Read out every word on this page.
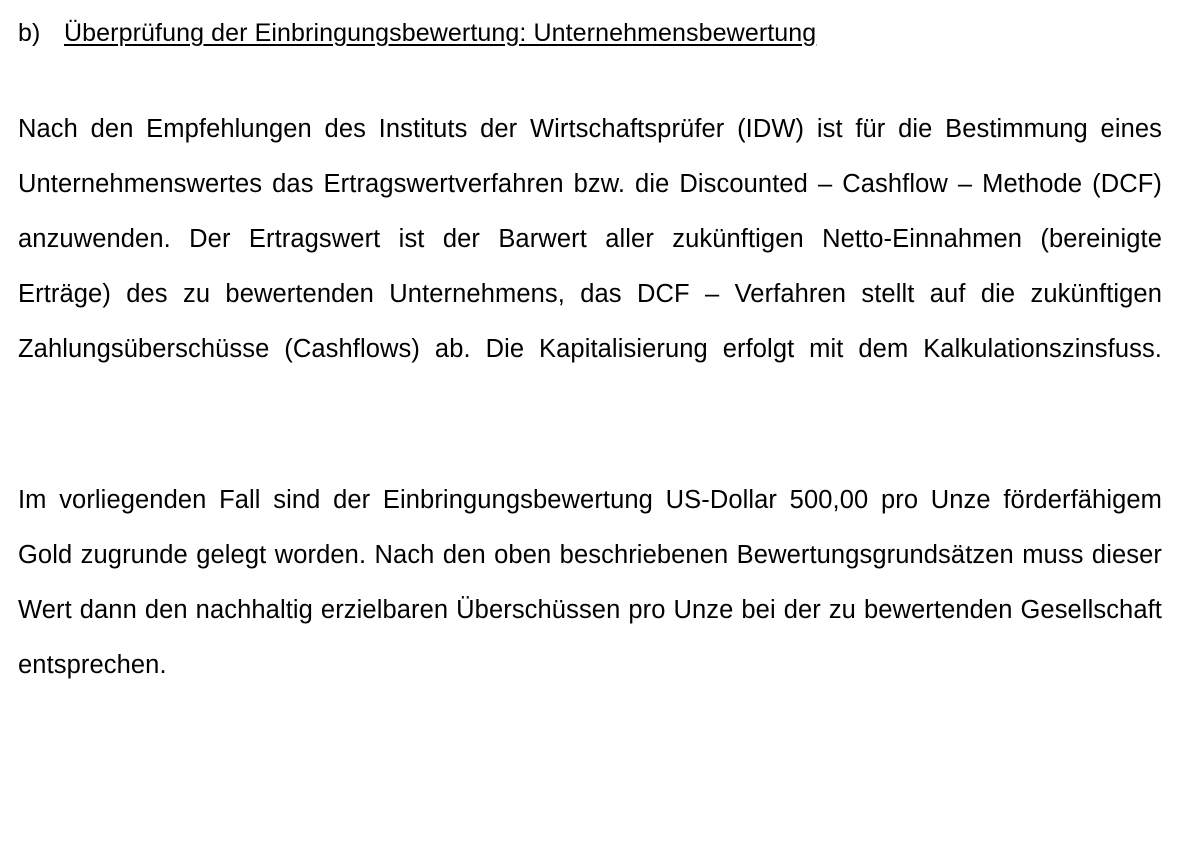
b) Überprüfung der Einbringungsbewertung: Unternehmensbewertung

Nach den Empfehlungen des Instituts der Wirtschaftsprüfer (IDW) ist für die Bestimmung eines Unternehmenswertes das Ertragswertverfahren bzw. die Discounted – Cashflow – Methode (DCF) anzuwenden. Der Ertragswert ist der Barwert aller zukünftigen Netto-Einnahmen (bereinigte Erträge) des zu bewertenden Unternehmens, das DCF – Verfahren stellt auf die zukünftigen Zahlungsüberschüsse (Cashflows) ab. Die Kapitalisierung erfolgt mit dem Kalkulationszinsfuss.

Im vorliegenden Fall sind der Einbringungsbewertung US-Dollar 500,00 pro Unze förderfähigem Gold zugrunde gelegt worden. Nach den oben beschriebenen Bewertungsgrundsätzen muss dieser Wert dann den nachhaltig erzielbaren Überschüssen pro Unze bei der zu bewertenden Gesellschaft entsprechen.
